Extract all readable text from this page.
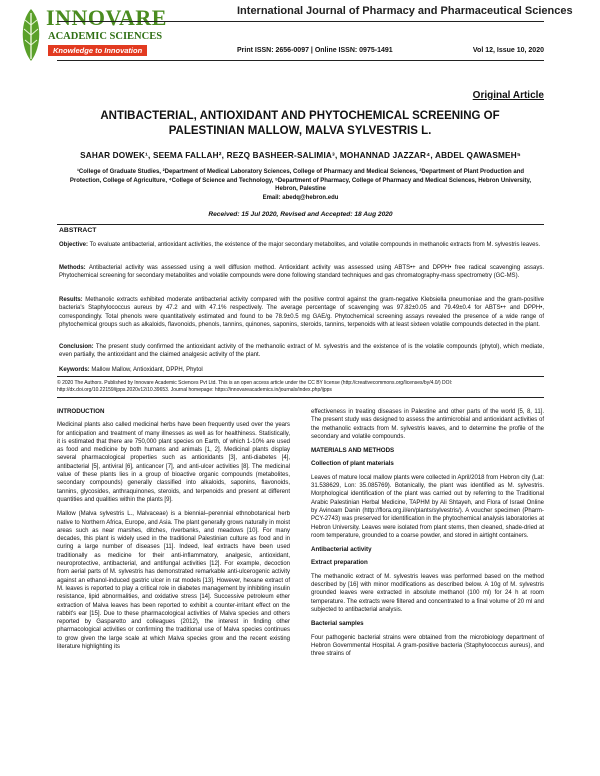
INNOVARE
ACADEMIC SCIENCES
Knowledge to Innovation
International Journal of Pharmacy and Pharmaceutical Sciences
Print ISSN: 2656-0097 | Online ISSN: 0975-1491	Vol 12, Issue 10, 2020
Original Article
ANTIBACTERIAL, ANTIOXIDANT AND PHYTOCHEMICAL SCREENING OF PALESTINIAN MALLOW, MALVA SYLVESTRIS L.
SAHAR DOWEK¹, SEEMA FALLAH², REZQ BASHEER-SALIMIA³, MOHANNAD JAZZAR⁴, ABDEL QAWASMEH⁵
¹College of Graduate Studies, ²Department of Medical Laboratory Sciences, College of Pharmacy and Medical Sciences, ³Department of Plant Production and Protection, College of Agriculture, ⁴College of Science and Technology, ⁵Department of Pharmacy, College of Pharmacy and Medical Sciences, Hebron University, Hebron, Palestine
Email: abedq@hebron.edu
Received: 15 Jul 2020, Revised and Accepted: 18 Aug 2020
ABSTRACT
Objective: To evaluate antibacterial, antioxidant activities, the existence of the major secondary metabolites, and volatile compounds in methanolic extracts from M. sylvestris leaves.
Methods: Antibacterial activity was assessed using a well diffusion method. Antioxidant activity was assessed using ABTS•+ and DPPH• free radical scavenging assays. Phytochemical screening for secondary metabolites and volatile compounds were done following standard techniques and gas chromatography-mass spectrometry (GC-MS).
Results: Methanolic extracts exhibited moderate antibacterial activity compared with the positive control against the gram-negative Klebsiella pneumoniae and the gram-positive bacteria's Staphylococcus aureus by 47.2 and with 47.1% respectively. The average percentage of scavenging was 97.82±0.05 and 79.49±0.4 for ABTS•+ and DPPH•, correspondingly. Total phenols were quantitatively estimated and found to be 78.9±0.5 mg GAE/g. Phytochemical screening assays revealed the presence of a wide range of phytochemical groups such as alkaloids, flavonoids, phenols, tannins, quinones, saponins, steroids, tannins, terpenoids with at least sixteen volatile compounds detected in the plant.
Conclusion: The present study confirmed the antioxidant activity of the methanolic extract of M. sylvestris and the existence of is the volatile compounds (phytol), which mediate, even partially, the antioxidant and the claimed analgesic activity of the plant.
Keywords: Mallow Mallow, Antioxidant, DPPH, Phytol
© 2020 The Authors. Published by Innovare Academic Sciences Pvt Ltd. This is an open access article under the CC BY license (http://creativecommons.org/licenses/by/4.0/) DOI: http://dx.doi.org/10.22159/ijpps.2020v12i10.39653. Journal homepage: https://innovareacademics.in/journals/index.php/ijpps
INTRODUCTION

Medicinal plants also called medicinal herbs have been frequently used over the years for anticipation and treatment of many illnesses as well as for healthiness. Statistically, it is estimated that there are 750,000 plant species on Earth, of which 1-10% are used as food and medicine by both humans and animals [1, 2]. Medicinal plants display several pharmacological properties such as antioxidants [3], anti-diabetes [4], antibacterial [5], antiviral [6], anticancer [7], and anti-ulcer activities [8]. The medicinal value of these plants lies in a group of bioactive organic compounds (metabolites, secondary compounds) generally classified into alkaloids, saponins, flavonoids, tannins, glycosides, anthraquinones, steroids, and terpenoids and present at different quantities and qualities within the plants [9].

Mallow (Malva sylvestris L., Malvaceae) is a biennial–perennial ethnobotanical herb native to Northern Africa, Europe, and Asia. The plant generally grows naturally in moist areas such as near marshes, ditches, riverbanks, and meadows [10]. For many decades, this plant is widely used in the traditional Palestinian culture as food and in curing a large number of diseases [11]. Indeed, leaf extracts have been used traditionally as medicine for their anti-inflammatory, analgesic, antioxidant, neuroprotective, antibacterial, and antifungal activities [12]. For example, decoction from aerial parts of M. sylvestris has demonstrated remarkable anti-ulcerogenic activity against an ethanol-induced gastric ulcer in rat models [13]. However, hexane extract of M. leaves is reported to play a critical role in diabetes management by inhibiting insulin resistance, lipid abnormalities, and oxidative stress [14]. Successive petroleum ether extraction of Malva leaves has been reported to exhibit a counter-irritant effect on the rabbit's ear [15]. Due to these pharmacological activities of Malva species and others reported by Gasparetto and colleagues (2012), the interest in finding other pharmacological activities or confirming the traditional use of Malva species continues to grow given the large scale at which Malva species grow and the recent existing literature highlighting its

effectiveness in treating diseases in Palestine and other parts of the world [5, 8, 11]. The present study was designed to assess the antimicrobial and antioxidant activities of the methanolic extracts from M. sylvestris leaves, and to determine the profile of the secondary and volatile compounds.

MATERIALS AND METHODS
Collection of plant materials

Leaves of mature local mallow plants were collected in April/2018 from Hebron city (Lat: 31.538629, Lon: 35.085769). Botanically, the plant was identified as M. sylvestris. Morphological identification of the plant was carried out by referring to the Traditional Arabic Palestinian Herbal Medicine, TAPHM by Ali Shtayeh, and Flora of Israel Online by Avinoam Danin (http://flora.org.il/en/plants/sylvestris/). A voucher specimen (Pharm-PCY-2743) was preserved for identification in the phytochemical analysis laboratories at Hebron University. Leaves were isolated from plant stems, then cleaned, shade-dried at room temperature, grounded to a coarse powder, and stored in airtight containers.

Antibacterial activity
Extract preparation

The methanolic extract of M. sylvestris leaves was performed based on the method described by [16] with minor modifications as described below. A 10g of M. sylvestris grounded leaves were extracted in absolute methanol (100 ml) for 24 h at room temperature. The extracts were filtered and concentrated to a final volume of 20 ml and subjected to antibacterial analysis.

Bacterial samples

Four pathogenic bacterial strains were obtained from the microbiology department of Hebron Governmental Hospital. A gram-positive bacteria (Staphylococcus aureus), and three strains of
